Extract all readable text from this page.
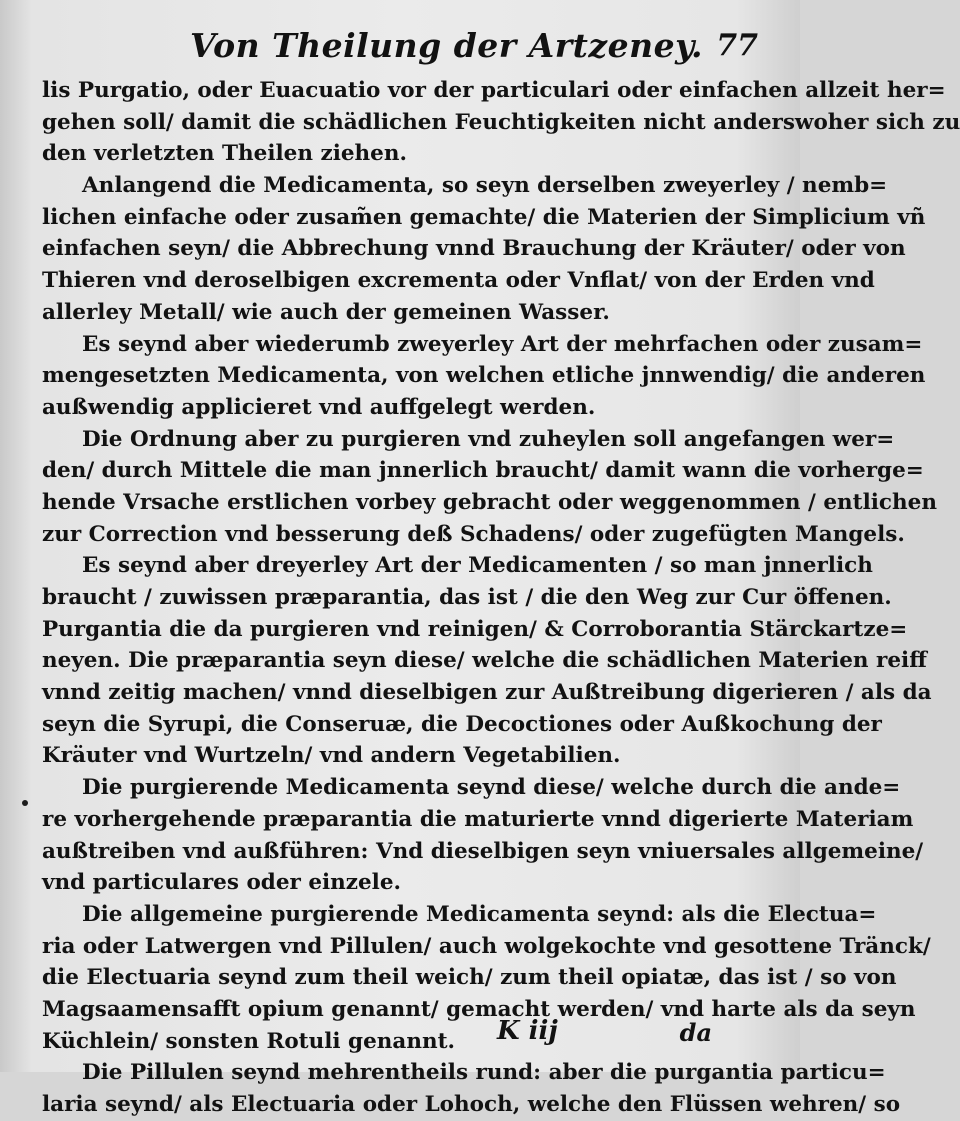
Von Theilung der Artzeney. 77
lis Purgatio, oder Euacuatio vor der particulari oder einfachen allzeit her=
gehen soll/ damit die schädlichen Feuchtigkeiten nicht anderswoher sich zu
den verletzten Theilen ziehen.
Anlangend die Medicamenta, so seyn derselben zweyerley / nemb=
lichen einfache oder zusam̃en gemachte/ die Materien der Simplicium vñ
einfachen seyn/ die Abbrechung vnnd Brauchung der Kräuter/ oder von
Thieren vnd deroselbigen excrementa oder Vnflat/ von der Erden vnd
allerley Metall/ wie auch der gemeinen Wasser.
Es seynd aber wiederumb zweyerley Art der mehrfachen oder zusam=
mengesetzten Medicamenta, von welchen etliche jnnwendig/ die anderen
außwendig applicieret vnd auffgelegt werden.
Die Ordnung aber zu purgieren vnd zuheylen soll angefangen wer=
den/ durch Mittele die man jnnerlich braucht/ damit wann die vorherge=
hende Vrsache erstlichen vorbey gebracht oder weggenommen / entlichen
zur Correction vnd besserung deß Schadens/ oder zugefügten Mangels.
Es seynd aber dreyerley Art der Medicamenten / so man jnnerlich
braucht / zuwissen præparantia, das ist / die den Weg zur Cur öffenen.
Purgantia die da purgieren vnd reinigen/ & Corroborantia Stärckartze=
neyen. Die præparantia seyn diese/ welche die schädlichen Materien reiff
vnnd zeitig machen/ vnnd dieselbigen zur Außtreibung digerieren / als da
seyn die Syrupi, die Conseruæ, die Decoctiones oder Außkochung der
Kräuter vnd Wurtzeln/ vnd andern Vegetabilien.
Die purgierende Medicamenta seynd diese/ welche durch die ande=
re vorhergehende præparantia die maturierte vnnd digerierte Materiam
außtreiben vnd außführen: Vnd dieselbigen seyn vniuersales allgemeine/
vnd particulares oder einzele.
Die allgemeine purgierende Medicamenta seynd: als die Electua=
ria oder Latwergen vnd Pillulen/ auch wolgekochte vnd gesottene Tränck/
die Electuaria seynd zum theil weich/ zum theil opiatæ, das ist / so von
Magsaamensafft opium genannt/ gemacht werden/ vnd harte als da seyn
Küchlein/ sonsten Rotuli genannt.
Die Pillulen seynd mehrentheils rund: aber die purgantia particu=
laria seynd/ als Electuaria oder Lohoch, welche den Flüssen wehren/ so
K iij	da
